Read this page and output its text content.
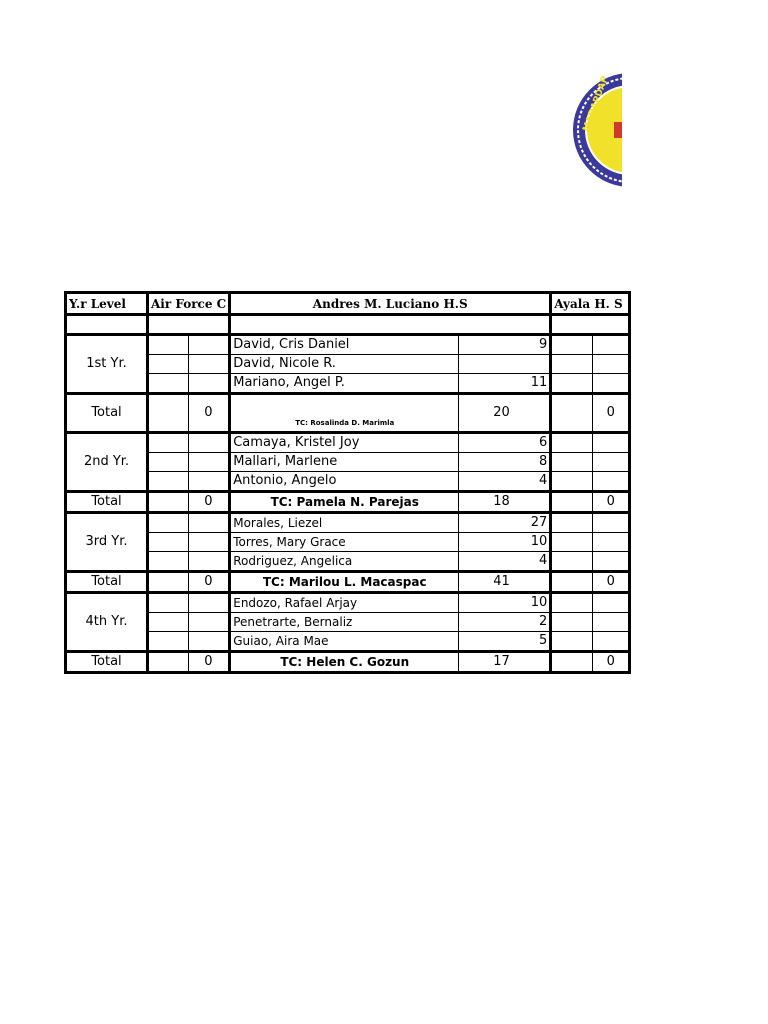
MADAPDAP
Y.r Level	Air Force C		Andres M. Luciano H.S		Ayala H. S	

1st Yr.			David, Cris Daniel	9		
			David, Nicole R.			
			Mariano, Angel P.	11		
Total		0	TC: Rosalinda D. Marimla	20		0
2nd Yr.			Camaya, Kristel Joy	6		
			Mallari, Marlene	8		
			Antonio, Angelo	4		
Total		0	TC: Pamela N. Parejas	18		0
3rd Yr.			Morales, Liezel	27		
			Torres, Mary Grace	10		
			Rodriguez, Angelica	4		
Total		0	TC: Marilou L. Macaspac	41		0
4th Yr.			Endozo, Rafael Arjay	10		
			Penetrarte, Bernaliz	2		
			Guiao, Aira Mae	5		
Total		0	TC: Helen C. Gozun	17		0
